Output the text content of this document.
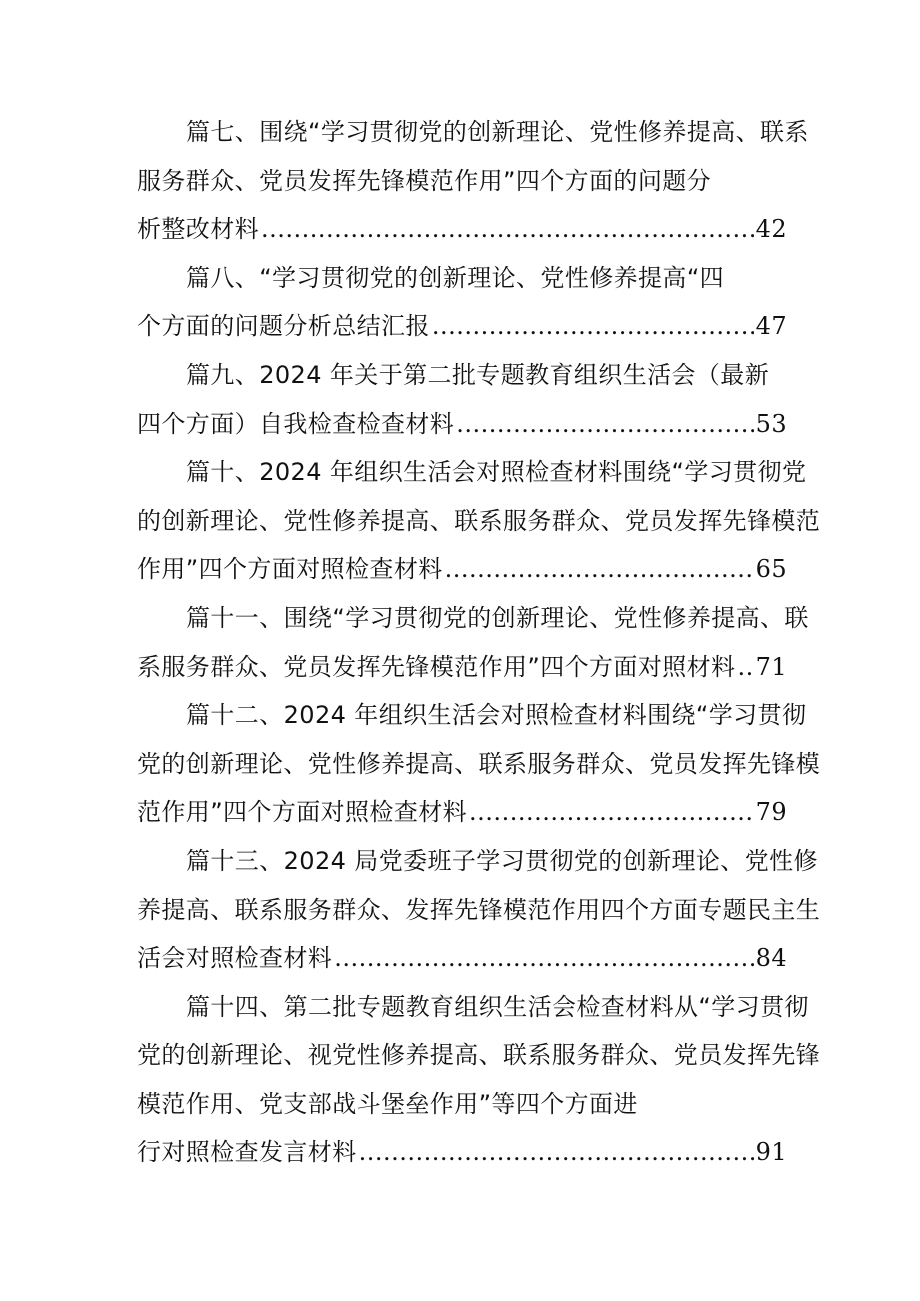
篇七、围绕“学习贯彻党的创新理论、党性修养提高、联系
服务群众、党员发挥先锋模范作用”四个方面的问题分
析整改材料 .....	42
篇八、“学习贯彻党的创新理论、党性修养提高“四
个方面的问题分析总结汇报 .....	47
篇九、2024 年关于第二批专题教育组织生活会（最新
四个方面）自我检查检查材料 .....	53
篇十、2024 年组织生活会对照检查材料围绕“学习贯彻党
的创新理论、党性修养提高、联系服务群众、党员发挥先锋模范
作用”四个方面对照检查材料 .....	65
篇十一、围绕“学习贯彻党的创新理论、党性修养提高、联
系服务群众、党员发挥先锋模范作用”四个方面对照材料 ..... 71
篇十二、2024 年组织生活会对照检查材料围绕“学习贯彻
党的创新理论、党性修养提高、联系服务群众、党员发挥先锋模
范作用”四个方面对照检查材料 .....	79
篇十三、2024 局党委班子学习贯彻党的创新理论、党性修
养提高、联系服务群众、发挥先锋模范作用四个方面专题民主生
活会对照检查材料 .....	84
篇十四、第二批专题教育组织生活会检查材料从“学习贯彻
党的创新理论、视党性修养提高、联系服务群众、党员发挥先锋
模范作用、党支部战斗堡垒作用”等四个方面进
行对照检查发言材料 .....	91
